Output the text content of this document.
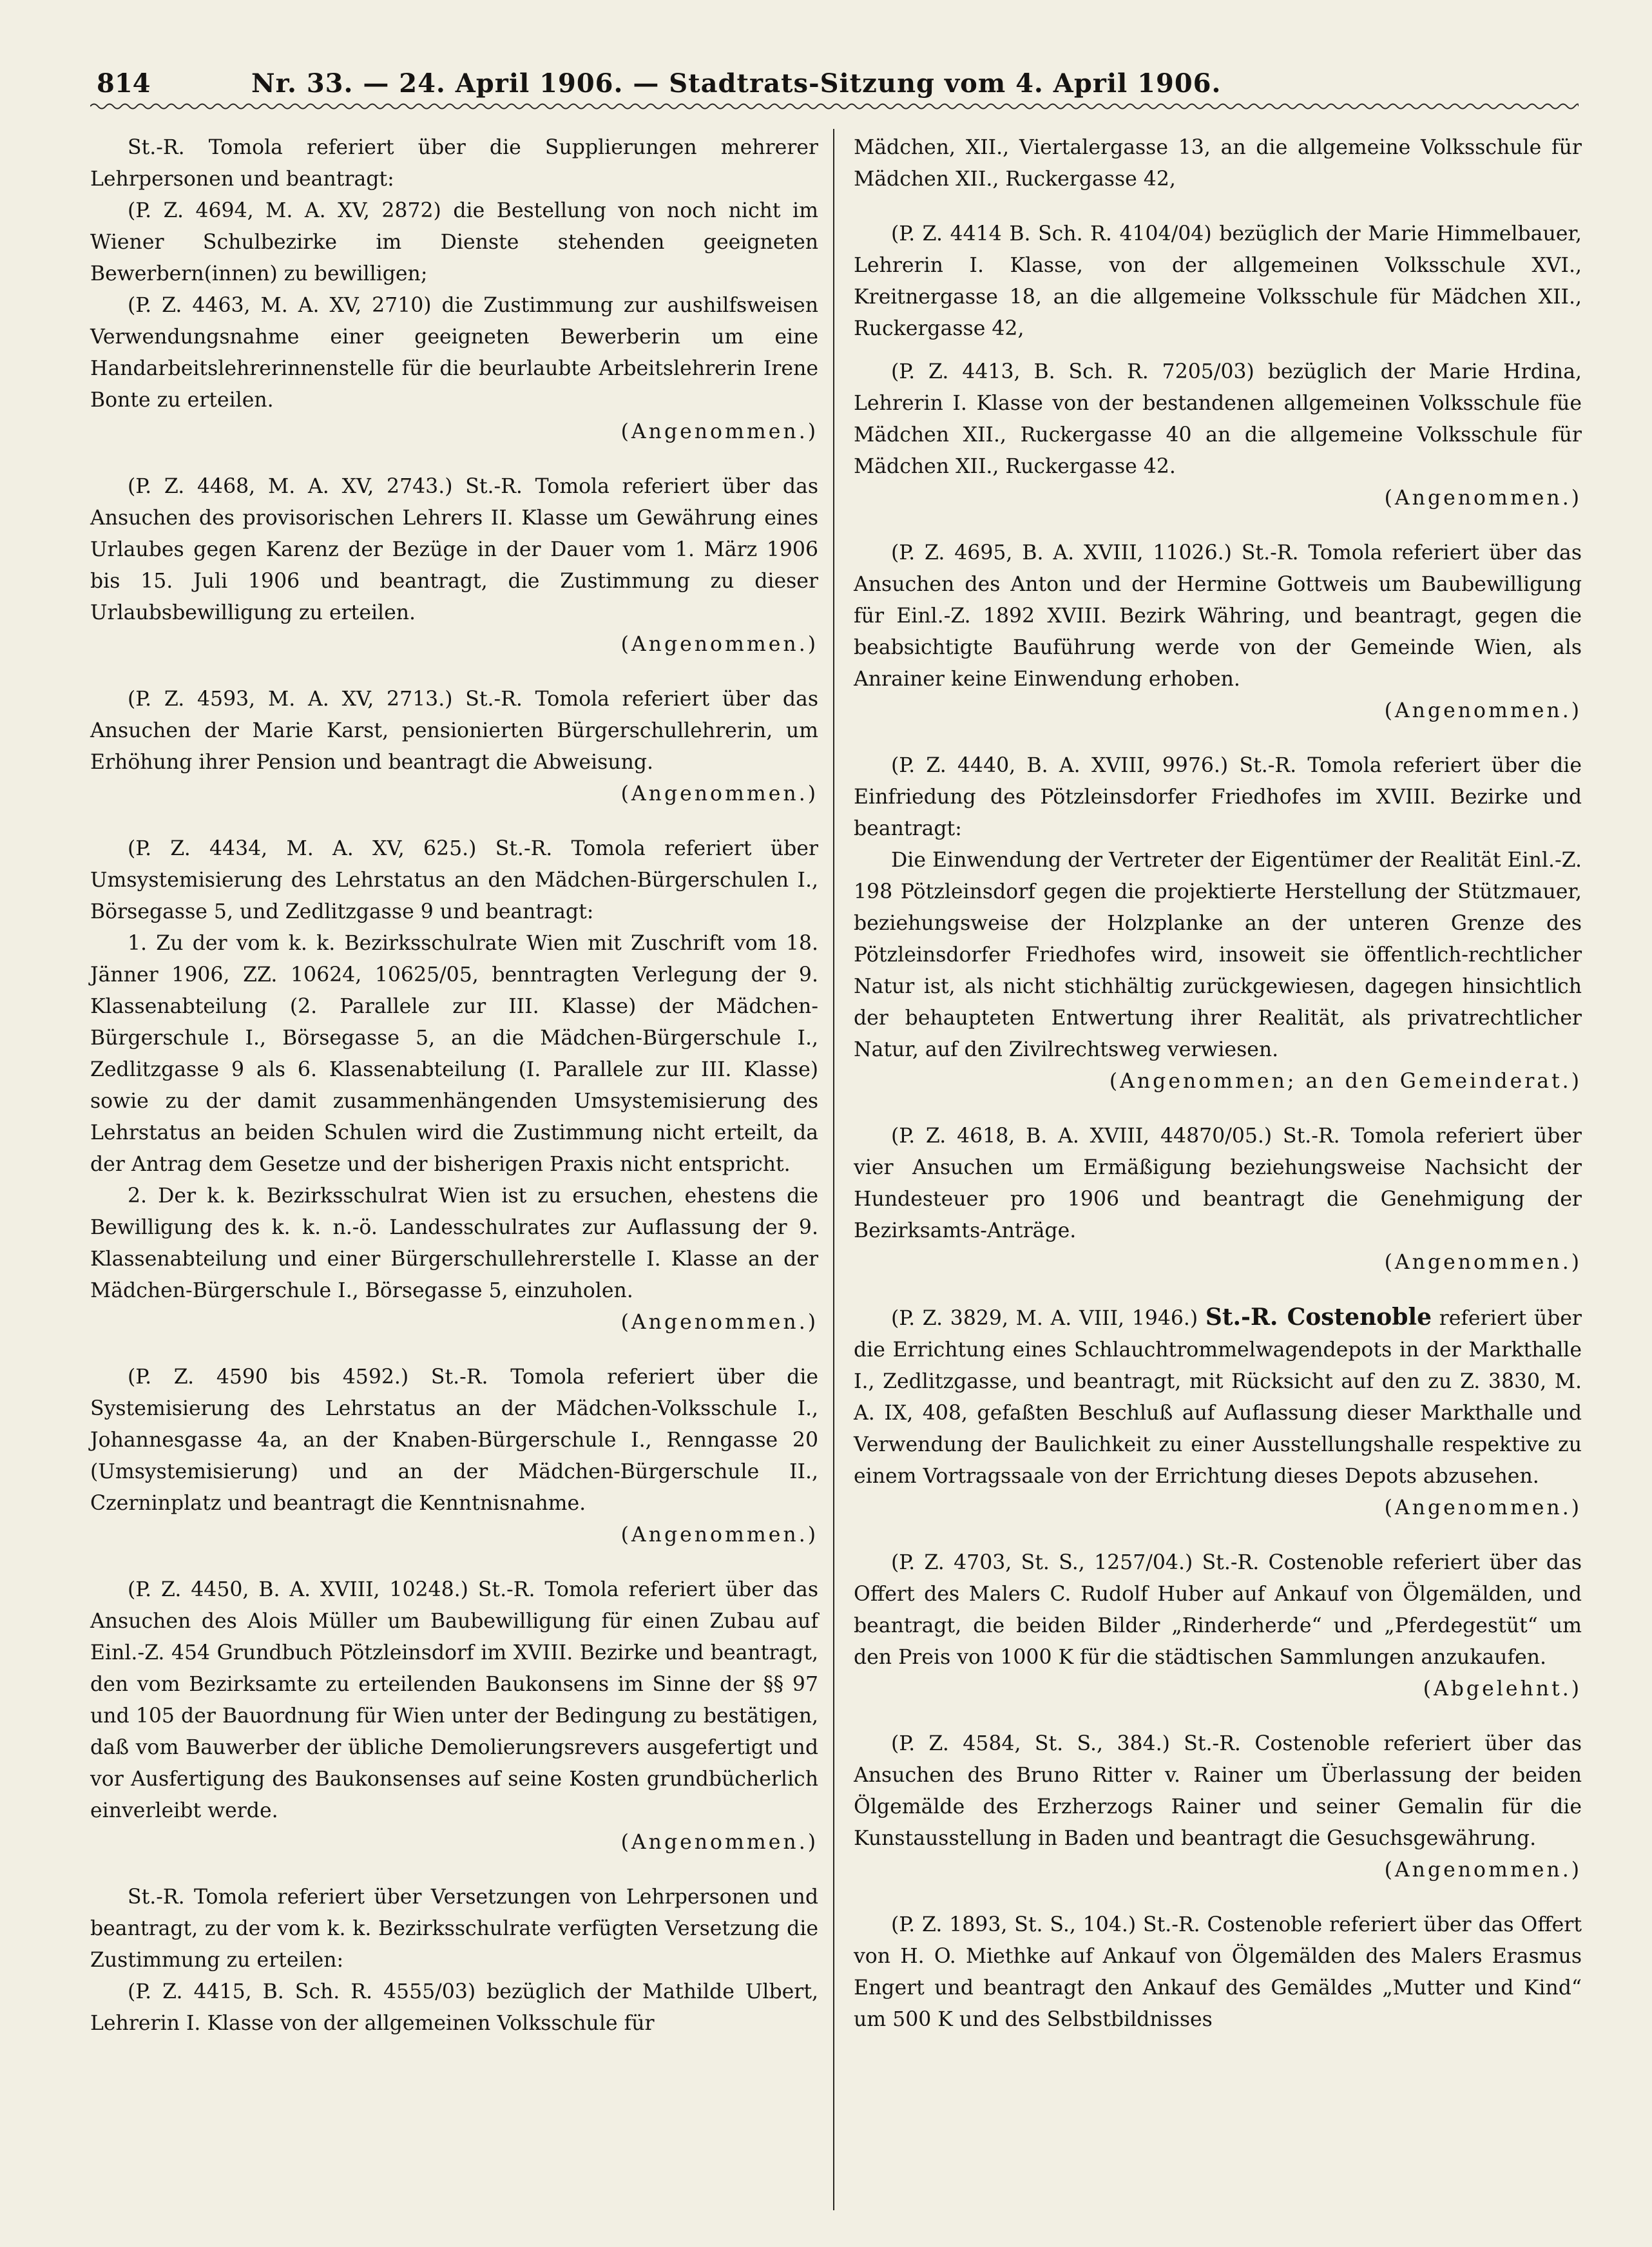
814	Nr. 33. — 24. April 1906. — Stadtrats-Sitzung vom 4. April 1906.

St.-R. Tomola referiert über die Supplierungen mehrerer Lehrpersonen und beantragt:

(P. Z. 4694, M. A. XV, 2872) die Bestellung von noch nicht im Wiener Schulbezirke im Dienste stehenden geeigneten Bewerbern(innen) zu bewilligen;

(P. Z. 4463, M. A. XV, 2710) die Zustimmung zur aushilfsweisen Verwendungsnahme einer geeigneten Bewerberin um eine Handarbeitslehrerinnenstelle für die beurlaubte Arbeitslehrerin Irene Bonte zu erteilen.

(Angenommen.)

(P. Z. 4468, M. A. XV, 2743.) St.-R. Tomola referiert über das Ansuchen des provisorischen Lehrers II. Klasse um Gewährung eines Urlaubes gegen Karenz der Bezüge in der Dauer vom 1. März 1906 bis 15. Juli 1906 und beantragt, die Zustimmung zu dieser Urlaubsbewilligung zu erteilen.

(Angenommen.)

(P. Z. 4593, M. A. XV, 2713.) St.-R. Tomola referiert über das Ansuchen der Marie Karst, pensionierten Bürgerschullehrerin, um Erhöhung ihrer Pension und beantragt die Abweisung.

(Angenommen.)

(P. Z. 4434, M. A. XV, 625.) St.-R. Tomola referiert über Umsystemisierung des Lehrstatus an den Mädchen-Bürgerschulen I., Börsegasse 5, und Zedlitzgasse 9 und beantragt:

1. Zu der vom k. k. Bezirksschulrate Wien mit Zuschrift vom 18. Jänner 1906, ZZ. 10624, 10625/05, benntragten Verlegung der 9. Klassenabteilung (2. Parallele zur III. Klasse) der Mädchen-Bürgerschule I., Börsegasse 5, an die Mädchen-Bürgerschule I., Zedlitzgasse 9 als 6. Klassenabteilung (I. Parallele zur III. Klasse) sowie zu der damit zusammenhängenden Umsystemisierung des Lehrstatus an beiden Schulen wird die Zustimmung nicht erteilt, da der Antrag dem Gesetze und der bisherigen Praxis nicht entspricht.

2. Der k. k. Bezirksschulrat Wien ist zu ersuchen, ehestens die Bewilligung des k. k. n.-ö. Landesschulrates zur Auflassung der 9. Klassenabteilung und einer Bürgerschullehrerstelle I. Klasse an der Mädchen-Bürgerschule I., Börsegasse 5, einzuholen.

(Angenommen.)

(P. Z. 4590 bis 4592.) St.-R. Tomola referiert über die Systemisierung des Lehrstatus an der Mädchen-Volksschule I., Johannesgasse 4a, an der Knaben-Bürgerschule I., Renngasse 20 (Umsystemisierung) und an der Mädchen-Bürgerschule II., Czerninplatz und beantragt die Kenntnisnahme.

(Angenommen.)

(P. Z. 4450, B. A. XVIII, 10248.) St.-R. Tomola referiert über das Ansuchen des Alois Müller um Baubewilligung für einen Zubau auf Einl.-Z. 454 Grundbuch Pötzleinsdorf im XVIII. Bezirke und beantragt, den vom Bezirksamte zu erteilenden Baukonsens im Sinne der §§ 97 und 105 der Bauordnung für Wien unter der Bedingung zu bestätigen, daß vom Bauwerber der übliche Demolierungsrevers ausgefertigt und vor Ausfertigung des Baukonsenses auf seine Kosten grundbücherlich einverleibt werde.

(Angenommen.)

St.-R. Tomola referiert über Versetzungen von Lehrpersonen und beantragt, zu der vom k. k. Bezirksschulrate verfügten Versetzung die Zustimmung zu erteilen:

(P. Z. 4415, B. Sch. R. 4555/03) bezüglich der Mathilde Ulbert, Lehrerin I. Klasse von der allgemeinen Volksschule für

Mädchen, XII., Viertalergasse 13, an die allgemeine Volksschule für Mädchen XII., Ruckergasse 42,

(P. Z. 4414 B. Sch. R. 4104/04) bezüglich der Marie Himmelbauer, Lehrerin I. Klasse, von der allgemeinen Volksschule XVI., Kreitnergasse 18, an die allgemeine Volksschule für Mädchen XII., Ruckergasse 42,

(P. Z. 4413, B. Sch. R. 7205/03) bezüglich der Marie Hrdina, Lehrerin I. Klasse von der bestandenen allgemeinen Volksschule füe Mädchen XII., Ruckergasse 40 an die allgemeine Volksschule für Mädchen XII., Ruckergasse 42.

(Angenommen.)

(P. Z. 4695, B. A. XVIII, 11026.) St.-R. Tomola referiert über das Ansuchen des Anton und der Hermine Gottweis um Baubewilligung für Einl.-Z. 1892 XVIII. Bezirk Währing, und beantragt, gegen die beabsichtigte Bauführung werde von der Gemeinde Wien, als Anrainer keine Einwendung erhoben.

(Angenommen.)

(P. Z. 4440, B. A. XVIII, 9976.) St.-R. Tomola referiert über die Einfriedung des Pötzleinsdorfer Friedhofes im XVIII. Bezirke und beantragt:

Die Einwendung der Vertreter der Eigentümer der Realität Einl.-Z. 198 Pötzleinsdorf gegen die projektierte Herstellung der Stützmauer, beziehungsweise der Holzplanke an der unteren Grenze des Pötzleinsdorfer Friedhofes wird, insoweit sie öffentlich-rechtlicher Natur ist, als nicht stichhältig zurückgewiesen, dagegen hinsichtlich der behaupteten Entwertung ihrer Realität, als privatrechtlicher Natur, auf den Zivilrechtsweg verwiesen.

(Angenommen; an den Gemeinderat.)

(P. Z. 4618, B. A. XVIII, 44870/05.) St.-R. Tomola referiert über vier Ansuchen um Ermäßigung beziehungsweise Nachsicht der Hundesteuer pro 1906 und beantragt die Genehmigung der Bezirksamts-Anträge.

(Angenommen.)

(P. Z. 3829, M. A. VIII, 1946.) St.-R. Costenoble referiert über die Errichtung eines Schlauchtrommelwagendepots in der Markthalle I., Zedlitzgasse, und beantragt, mit Rücksicht auf den zu Z. 3830, M. A. IX, 408, gefaßten Beschluß auf Auflassung dieser Markthalle und Verwendung der Baulichkeit zu einer Ausstellungshalle respektive zu einem Vortragssaale von der Errichtung dieses Depots abzusehen.

(Angenommen.)

(P. Z. 4703, St. S., 1257/04.) St.-R. Costenoble referiert über das Offert des Malers C. Rudolf Huber auf Ankauf von Ölgemälden, und beantragt, die beiden Bilder „Rinderherde“ und „Pferdegestüt“ um den Preis von 1000 K für die städtischen Sammlungen anzukaufen.

(Abgelehnt.)

(P. Z. 4584, St. S., 384.) St.-R. Costenoble referiert über das Ansuchen des Bruno Ritter v. Rainer um Überlassung der beiden Ölgemälde des Erzherzogs Rainer und seiner Gemalin für die Kunstausstellung in Baden und beantragt die Gesuchsgewährung.

(Angenommen.)

(P. Z. 1893, St. S., 104.) St.-R. Costenoble referiert über das Offert von H. O. Miethke auf Ankauf von Ölgemälden des Malers Erasmus Engert und beantragt den Ankauf des Gemäldes „Mutter und Kind“ um 500 K und des Selbstbildnisses
